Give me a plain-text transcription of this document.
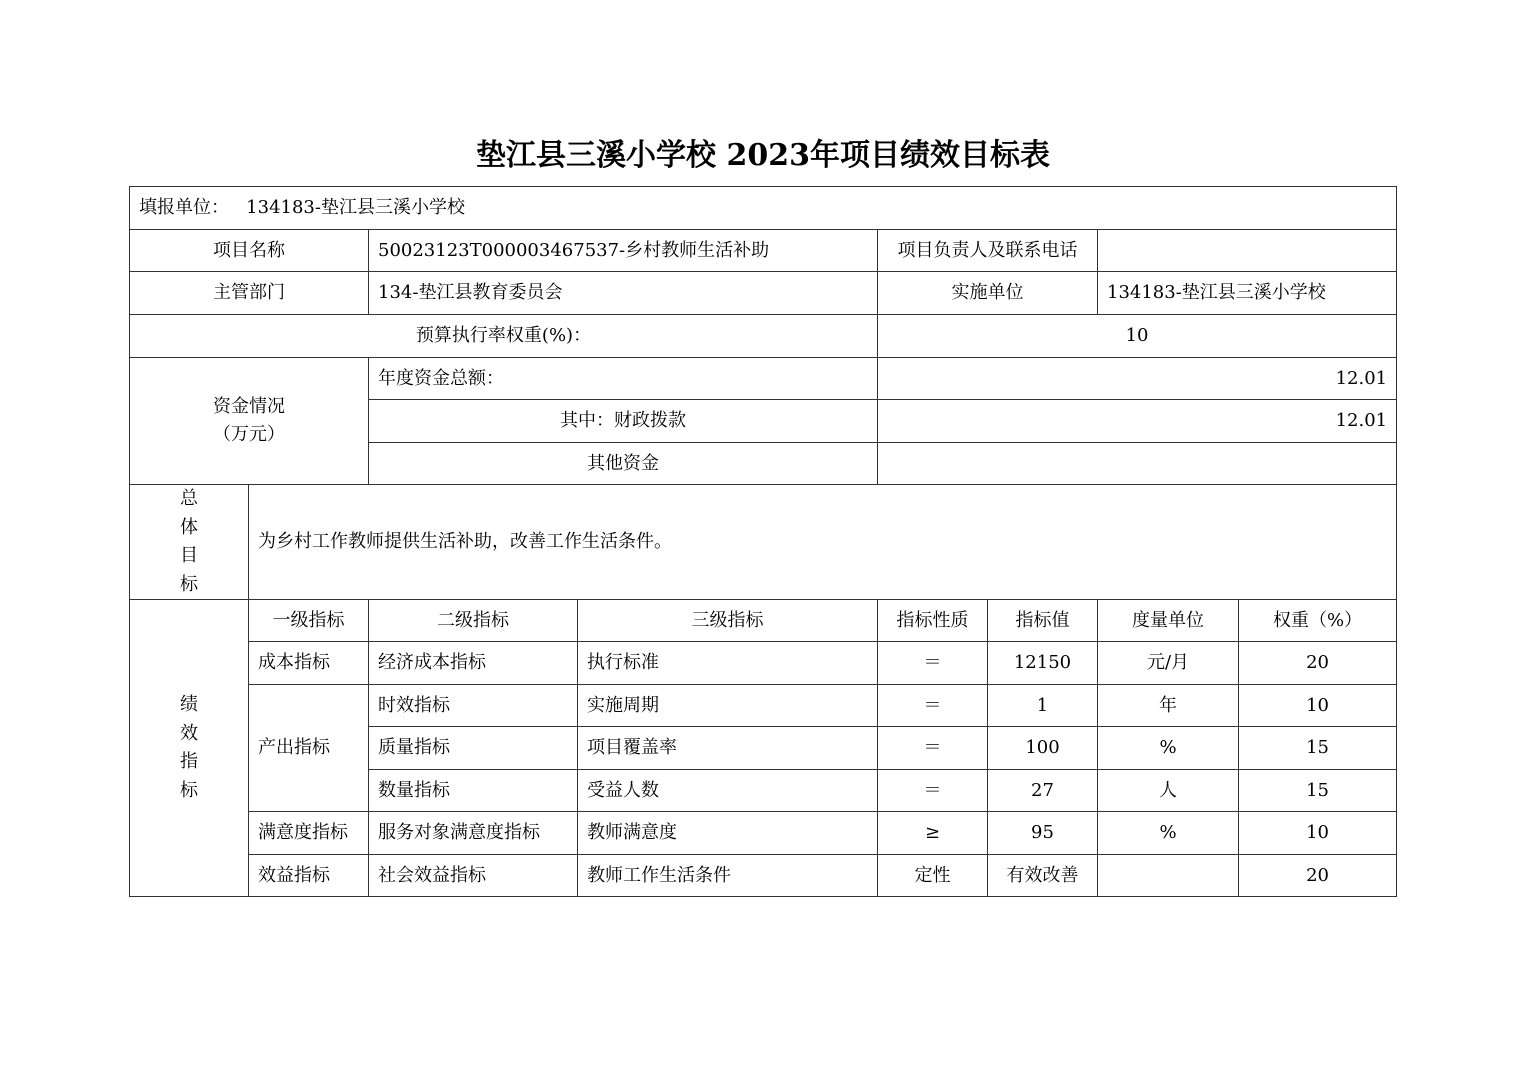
垫江县三溪小学校 2023年项目绩效目标表
填报单位： 134183-垫江县三溪小学校							
项目名称		50023123T000003467537-乡村教师生活补助		项目负责人及联系电话			
主管部门		134-垫江县教育委员会		实施单位		134183-垫江县三溪小学校	
预算执行率权重(%)：				10			

资金情况
（万元）		年度资金总额：		12.01			
		其中：财政拨款		12.01			
		其他资金					

总
体
目
标	为乡村工作教师提供生活补助，改善工作生活条件。						

绩
效
指
标	一级指标	二级指标	三级指标	指标性质	指标值	度量单位	权重（%）
	成本指标	经济成本指标	执行标准	＝	12150	元/月	20
	产出指标	时效指标	实施周期	＝	1	年	10
		质量指标	项目覆盖率	＝	100	%	15
		数量指标	受益人数	＝	27	人	15
	满意度指标	服务对象满意度指标	教师满意度	≥	95	%	10
	效益指标	社会效益指标	教师工作生活条件	定性	有效改善		20
